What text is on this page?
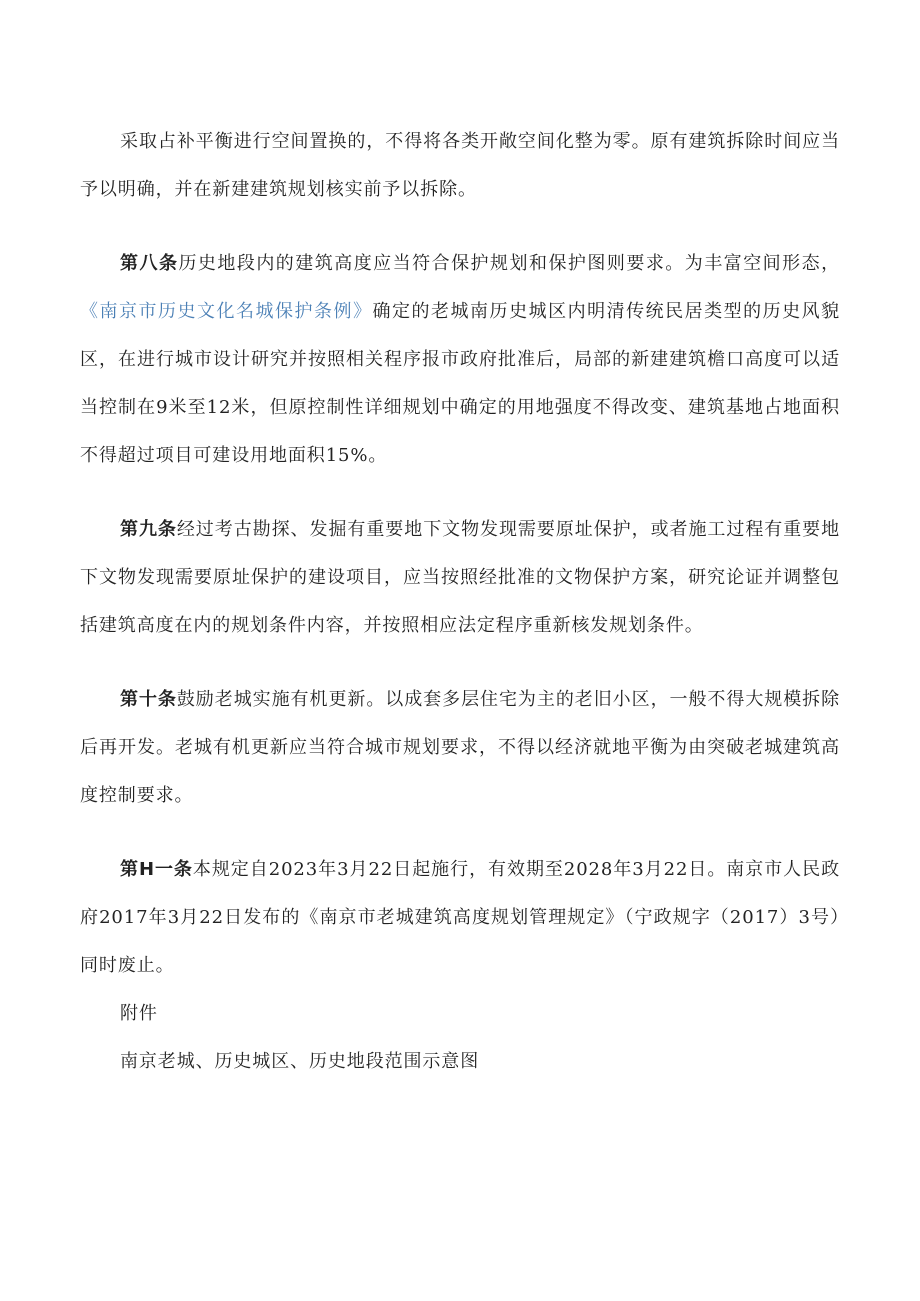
采取占补平衡进行空间置换的，不得将各类开敞空间化整为零。原有建筑拆除时间应当予以明确，并在新建建筑规划核实前予以拆除。

第八条历史地段内的建筑高度应当符合保护规划和保护图则要求。为丰富空间形态，《南京市历史文化名城保护条例》确定的老城南历史城区内明清传统民居类型的历史风貌区，在进行城市设计研究并按照相关程序报市政府批准后，局部的新建建筑檐口高度可以适当控制在9米至12米，但原控制性详细规划中确定的用地强度不得改变、建筑基地占地面积不得超过项目可建设用地面积15%。

第九条经过考古勘探、发掘有重要地下文物发现需要原址保护，或者施工过程有重要地下文物发现需要原址保护的建设项目，应当按照经批准的文物保护方案，研究论证并调整包括建筑高度在内的规划条件内容，并按照相应法定程序重新核发规划条件。

第十条鼓励老城实施有机更新。以成套多层住宅为主的老旧小区，一般不得大规模拆除后再开发。老城有机更新应当符合城市规划要求，不得以经济就地平衡为由突破老城建筑高度控制要求。

第H一条本规定自2023年3月22日起施行，有效期至2028年3月22日。南京市人民政府2017年3月22日发布的《南京市老城建筑高度规划管理规定》（宁政规字（2017）3号）同时废止。

附件
南京老城、历史城区、历史地段范围示意图
